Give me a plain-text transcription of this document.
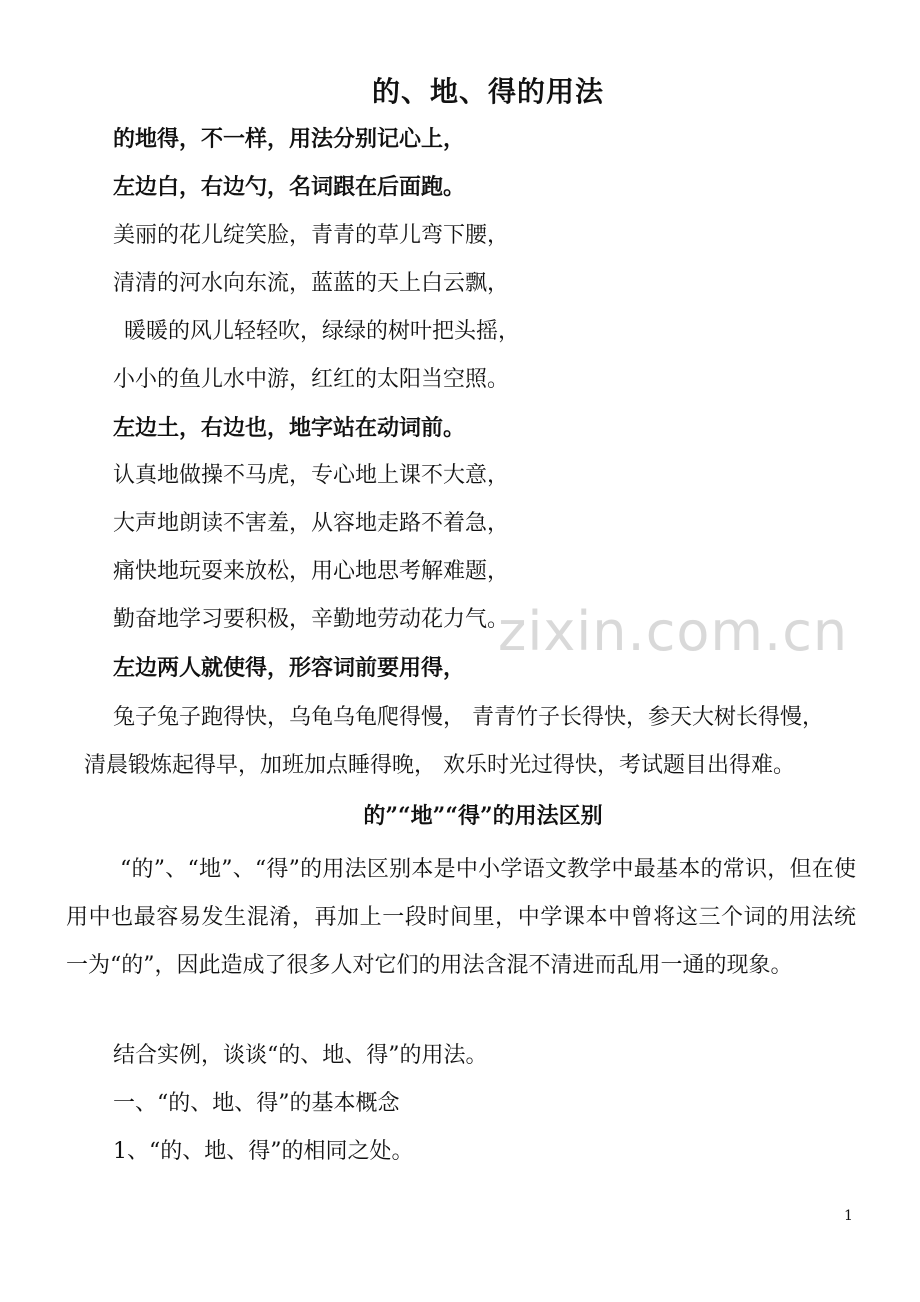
zixin.com.cn
的、地、得的用法
的地得，不一样，用法分别记心上，
左边白，右边勺，名词跟在后面跑。
美丽的花儿绽笑脸，青青的草儿弯下腰，
清清的河水向东流，蓝蓝的天上白云飘，
暖暖的风儿轻轻吹，绿绿的树叶把头摇，
小小的鱼儿水中游，红红的太阳当空照。
左边土，右边也，地字站在动词前。
认真地做操不马虎，专心地上课不大意，
大声地朗读不害羞，从容地走路不着急，
痛快地玩耍来放松，用心地思考解难题，
勤奋地学习要积极，辛勤地劳动花力气。
左边两人就使得，形容词前要用得，
兔子兔子跑得快，乌龟乌龟爬得慢， 青青竹子长得快，参天大树长得慢，
清晨锻炼起得早，加班加点睡得晚， 欢乐时光过得快，考试题目出得难。
的”“地”“得”的用法区别
“的”、“地”、“得”的用法区别本是中小学语文教学中最基本的常识，但在使用中也最容易发生混淆，再加上一段时间里，中学课本中曾将这三个词的用法统一为“的”，因此造成了很多人对它们的用法含混不清进而乱用一通的现象。
结合实例，谈谈“的、地、得”的用法。
一、“的、地、得”的基本概念
1、“的、地、得”的相同之处。
1
